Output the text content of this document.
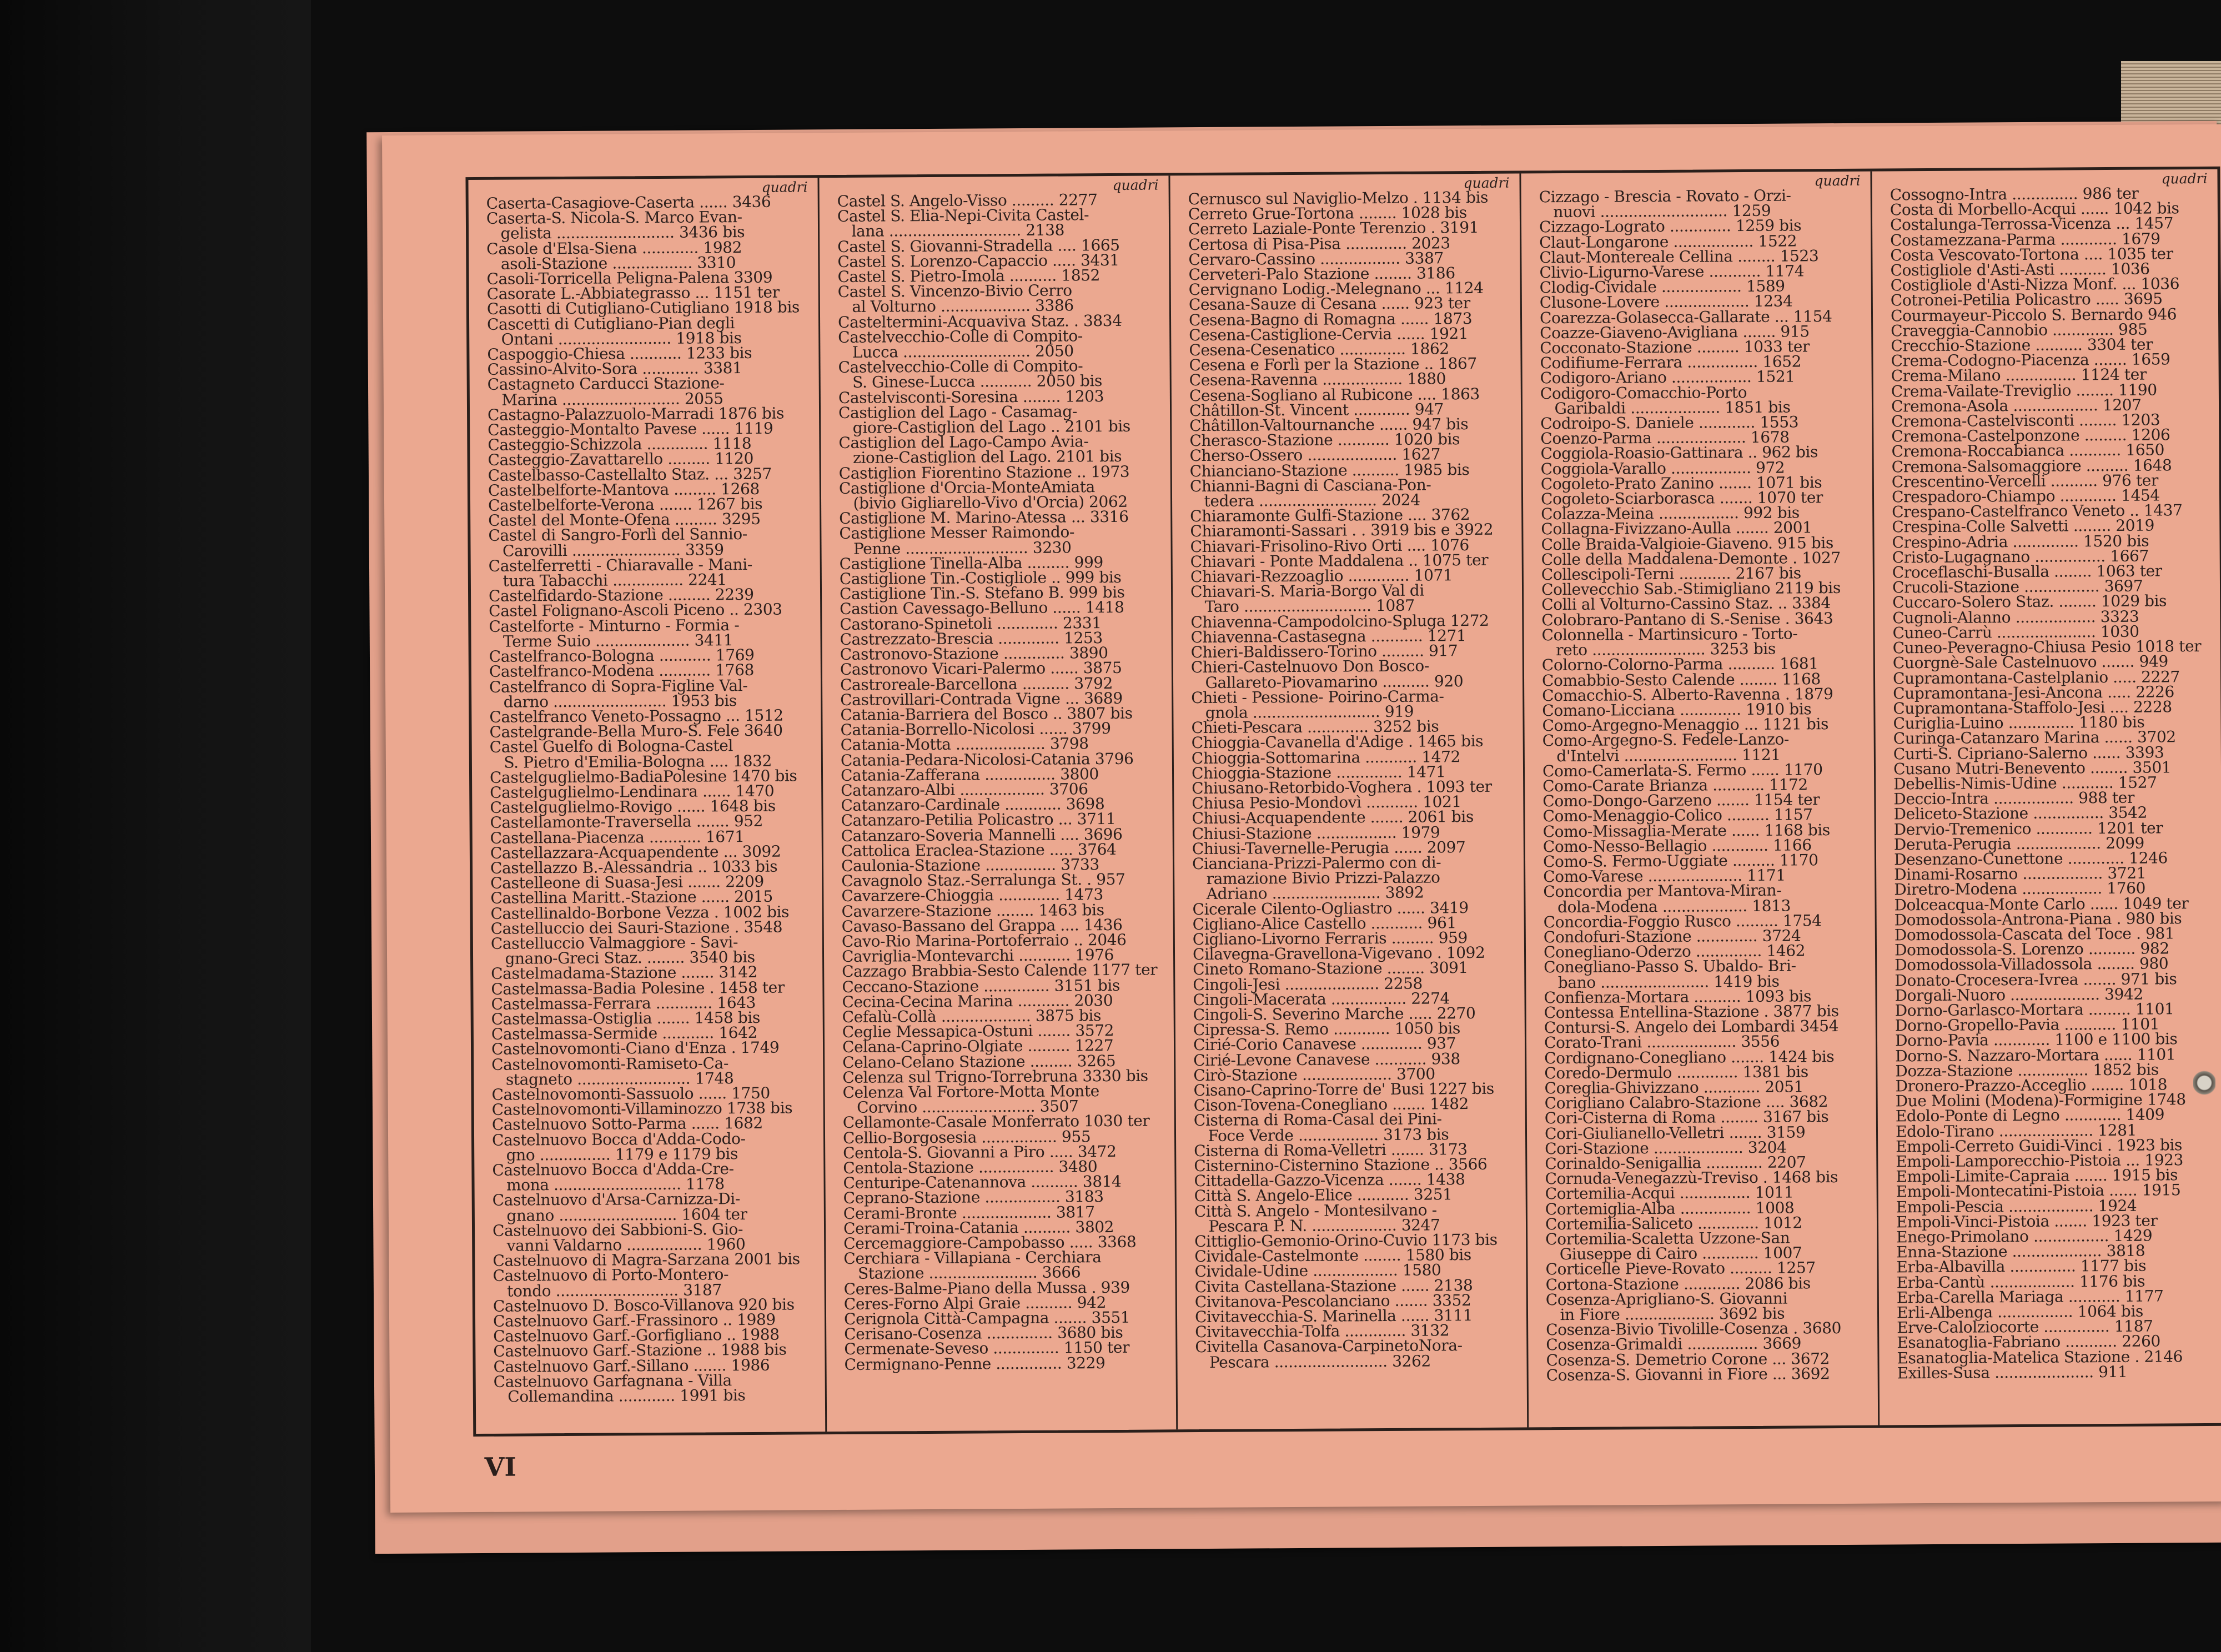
quadri
Caserta-Casagiove-Caserta ...... 3436
Caserta-S. Nicola-S. Marco Evan-
gelista ......................... 3436 bis
Casole d'Elsa-Siena ............ 1982
asoli-Stazione ................. 3310
Casoli-Torricella Peligna-Palena 3309
Casorate L.-Abbiategrasso ... 1151 ter
Casotti di Cutigliano-Cutigliano 1918 bis
Cascetti di Cutigliano-Pian degli
Ontani ........................ 1918 bis
Caspoggio-Chiesa ........... 1233 bis
Cassino-Alvito-Sora ............ 3381
Castagneto Carducci Stazione-
Marina ......................... 2055
Castagno-Palazzuolo-Marradi 1876 bis
Casteggio-Montalto Pavese ...... 1119
Casteggio-Schizzola ............. 1118
Casteggio-Zavattarello ......... 1120
Castelbasso-Castellalto Staz. ... 3257
Castelbelforte-Mantova ......... 1268
Castelbelforte-Verona ....... 1267 bis
Castel del Monte-Ofena ......... 3295
Castel di Sangro-Forlì del Sannio-
Carovilli ....................... 3359
Castelferretti - Chiaravalle - Mani-
tura Tabacchi ............... 2241
Castelfidardo-Stazione ......... 2239
Castel Folignano-Ascoli Piceno .. 2303
Castelforte - Minturno - Formia -
Terme Suio .................... 3411
Castelfranco-Bologna ........... 1769
Castelfranco-Modena ........... 1768
Castelfranco di Sopra-Figline Val-
darno ........................ 1953 bis
Castelfranco Veneto-Possagno ... 1512
Castelgrande-Bella Muro-S. Fele 3640
Castel Guelfo di Bologna-Castel
S. Pietro d'Emilia-Bologna .... 1832
Castelguglielmo-BadiaPolesine 1470 bis
Castelguglielmo-Lendinara ...... 1470
Castelguglielmo-Rovigo ...... 1648 bis
Castellamonte-Traversella ....... 952
Castellana-Piacenza ........... 1671
Castellazzara-Acquapendente ... 3092
Castellazzo B.-Alessandria .. 1033 bis
Castelleone di Suasa-Jesi ....... 2209
Castellina Maritt.-Stazione ...... 2015
Castellinaldo-Borbone Vezza . 1002 bis
Castelluccio dei Sauri-Stazione . 3548
Castelluccio Valmaggiore - Savi-
gnano-Greci Staz. ........ 3540 bis
Castelmadama-Stazione ....... 3142
Castelmassa-Badia Polesine . 1458 ter
Castelmassa-Ferrara ............ 1643
Castelmassa-Ostiglia ....... 1458 bis
Castelmassa-Sermide ........... 1642
Castelnovomonti-Ciano d'Enza . 1749
Castelnovomonti-Ramiseto-Ca-
stagneto ........................ 1748
Castelnovomonti-Sassuolo ...... 1750
Castelnovomonti-Villaminozzo 1738 bis
Castelnuovo Sotto-Parma ...... 1682
Castelnuovo Bocca d'Adda-Codo-
gno ............... 1179 e 1179 bis
Castelnuovo Bocca d'Adda-Cre-
mona ........................... 1178
Castelnuovo d'Arsa-Carnizza-Di-
gnano ......................... 1604 ter
Castelnuovo dei Sabbioni-S. Gio-
vanni Valdarno ................ 1960
Castelnuovo di Magra-Sarzana 2001 bis
Castelnuovo di Porto-Montero-
tondo .......................... 3187
Castelnuovo D. Bosco-Villanova 920 bis
Castelnuovo Garf.-Frassinoro .. 1989
Castelnuovo Garf.-Gorfigliano .. 1988
Castelnuovo Garf.-Stazione .. 1988 bis
Castelnuovo Garf.-Sillano ....... 1986
Castelnuovo Garfagnana - Villa
Collemandina ............ 1991 bis
quadri
Castel S. Angelo-Visso ......... 2277
Castel S. Elia-Nepi-Civita Castel-
lana ............................ 2138
Castel S. Giovanni-Stradella .... 1665
Castel S. Lorenzo-Capaccio ..... 3431
Castel S. Pietro-Imola .......... 1852
Castel S. Vincenzo-Bivio Cerro
al Volturno ................... 3386
Casteltermini-Acquaviva Staz. . 3834
Castelvecchio-Colle di Compito-
Lucca ........................... 2050
Castelvecchio-Colle di Compito-
S. Ginese-Lucca ........... 2050 bis
Castelvisconti-Soresina ........ 1203
Castiglion del Lago - Casamag-
giore-Castiglion del Lago .. 2101 bis
Castiglion del Lago-Campo Avia-
zione-Castiglion del Lago. 2101 bis
Castiglion Fiorentino Stazione .. 1973
Castiglione d'Orcia-MonteAmiata
(bivio Gigliarello-Vivo d'Orcia) 2062
Castiglione M. Marino-Atessa ... 3316
Castiglione Messer Raimondo-
Penne .......................... 3230
Castiglione Tinella-Alba ......... 999
Castiglione Tin.-Costigliole .. 999 bis
Castiglione Tin.-S. Stefano B. 999 bis
Castion Cavessago-Belluno ...... 1418
Castorano-Spinetoli ............. 2331
Castrezzato-Brescia ............. 1253
Castronovo-Stazione ............. 3890
Castronovo Vicari-Palermo ...... 3875
Castroreale-Barcellona .......... 3792
Castrovillari-Contrada Vigne ... 3689
Catania-Barriera del Bosco .. 3807 bis
Catania-Borrello-Nicolosi ...... 3799
Catania-Motta ................... 3798
Catania-Pedara-Nicolosi-Catania 3796
Catania-Zafferana ............... 3800
Catanzaro-Albi .................. 3706
Catanzaro-Cardinale ............ 3698
Catanzaro-Petilia Policastro ... 3711
Catanzaro-Soveria Mannelli .... 3696
Cattolica Eraclea-Stazione ..... 3764
Caulonia-Stazione ............... 3733
Cavagnolo Staz.-Serralunga St. . 957
Cavarzere-Chioggia ............. 1473
Cavarzere-Stazione ........ 1463 bis
Cavaso-Bassano del Grappa .... 1436
Cavo-Rio Marina-Portoferraio .. 2046
Cavriglia-Montevarchi ........... 1976
Cazzago Brabbia-Sesto Calende 1177 ter
Ceccano-Stazione .............. 3151 bis
Cecina-Cecina Marina ........... 2030
Cefalù-Collà ................... 3875 bis
Ceglie Messapica-Ostuni ....... 3572
Celana-Caprino-Olgiate ......... 1227
Celano-Celano Stazione ......... 3265
Celenza sul Trigno-Torrebruna 3330 bis
Celenza Val Fortore-Motta Monte
Corvino ........................ 3507
Cellamonte-Casale Monferrato 1030 ter
Cellio-Borgosesia ................ 955
Centola-S. Giovanni a Piro ..... 3472
Centola-Stazione ................ 3480
Centuripe-Catenannova .......... 3814
Ceprano-Stazione ................ 3183
Cerami-Bronte ................... 3817
Cerami-Troina-Catania .......... 3802
Cercemaggiore-Campobasso ..... 3368
Cerchiara - Villapiana - Cerchiara
Stazione ....................... 3666
Ceres-Balme-Piano della Mussa . 939
Ceres-Forno Alpi Graie .......... 942
Cerignola Città-Campagna ....... 3551
Cerisano-Cosenza .............. 3680 bis
Cermenate-Seveso .............. 1150 ter
Cermignano-Penne .............. 3229
quadri
Cernusco sul Naviglio-Melzo . 1134 bis
Cerreto Grue-Tortona ........ 1028 bis
Cerreto Laziale-Ponte Terenzio . 3191
Certosa di Pisa-Pisa ............. 2023
Cervaro-Cassino ................. 3387
Cerveteri-Palo Stazione ........ 3186
Cervignano Lodig.-Melegnano ... 1124
Cesana-Sauze di Cesana ...... 923 ter
Cesena-Bagno di Romagna ...... 1873
Cesena-Castiglione-Cervia ...... 1921
Cesena-Cesenatico .............. 1862
Cesena e Forlì per la Stazione .. 1867
Cesena-Ravenna ................. 1880
Cesena-Sogliano al Rubicone .... 1863
Châtillon-St. Vincent ............ 947
Châtillon-Valtournanche ...... 947 bis
Cherasco-Stazione ........... 1020 bis
Cherso-Ossero ................... 1627
Chianciano-Stazione .......... 1985 bis
Chianni-Bagni di Casciana-Pon-
tedera ......................... 2024
Chiaramonte Gulfi-Stazione .... 3762
Chiaramonti-Sassari . . 3919 bis e 3922
Chiavari-Frisolino-Rivo Orti .... 1076
Chiavari - Ponte Maddalena .. 1075 ter
Chiavari-Rezzoaglio ............. 1071
Chiavari-S. Maria-Borgo Val di
Taro ........................... 1087
Chiavenna-Campodolcino-Spluga 1272
Chiavenna-Castasegna ........... 1271
Chieri-Baldissero-Torino ......... 917
Chieri-Castelnuovo Don Bosco-
Gallareto-Piovamarino .......... 920
Chieti - Pessione- Poirino-Carma-
gnola ........................... 919
Chieti-Pescara ............. 3252 bis
Chioggia-Cavanella d'Adige . 1465 bis
Chioggia-Sottomarina ........... 1472
Chioggia-Stazione .............. 1471
Chiusano-Retorbido-Voghera . 1093 ter
Chiusa Pesio-Mondovì ........... 1021
Chiusi-Acquapendente ....... 2061 bis
Chiusi-Stazione ................. 1979
Chiusi-Tavernelle-Perugia ...... 2097
Cianciana-Prizzi-Palermo con di-
ramazione Bivio Prizzi-Palazzo
Adriano ....................... 3892
Cicerale Cilento-Ogliastro ...... 3419
Cigliano-Alice Castello ........... 961
Cigliano-Livorno Ferraris ......... 959
Cilavegna-Gravellona-Vigevano . 1092
Cineto Romano-Stazione ........ 3091
Cingoli-Jesi .................... 2258
Cingoli-Macerata ................ 2274
Cingoli-S. Severino Marche ..... 2270
Cipressa-S. Remo ............ 1050 bis
Cirié-Corio Canavese ............. 937
Cirié-Levone Canavese ........... 938
Cirò-Stazione ................... 3700
Cisano-Caprino-Torre de' Busi 1227 bis
Cison-Tovena-Conegliano ....... 1482
Cisterna di Roma-Casal dei Pini-
Foce Verde ................. 3173 bis
Cisterna di Roma-Velletri ....... 3173
Cisternino-Cisternino Stazione .. 3566
Cittadella-Gazzo-Vicenza ....... 1438
Città S. Angelo-Elice ........... 3251
Città S. Angelo - Montesilvano -
Pescara P. N. .................. 3247
Cittiglio-Gemonio-Orino-Cuvio 1173 bis
Cividale-Castelmonte ........ 1580 bis
Cividale-Udine .................. 1580
Civita Castellana-Stazione ...... 2138
Civitanova-Pescolanciano ....... 3352
Civitavecchia-S. Marinella ...... 3111
Civitavecchia-Tolfa ............. 3132
Civitella Casanova-CarpinetoNora-
Pescara ........................ 3262
quadri
Cizzago - Brescia - Rovato - Orzi-
nuovi ........................... 1259
Cizzago-Lograto ............. 1259 bis
Claut-Longarone ................. 1522
Claut-Montereale Cellina ........ 1523
Clivio-Ligurno-Varese ........... 1174
Clodig-Cividale ................. 1589
Clusone-Lovere .................. 1234
Coarezza-Golasecca-Gallarate ... 1154
Coazze-Giaveno-Avigliana ....... 915
Cocconato-Stazione ......... 1033 ter
Codifiume-Ferrara ............... 1652
Codigoro-Ariano ................. 1521
Codigoro-Comacchio-Porto
Garibaldi ................... 1851 bis
Codroipo-S. Daniele ............ 1553
Coenzo-Parma ................... 1678
Coggiola-Roasio-Gattinara .. 962 bis
Coggiola-Varallo ................. 972
Cogoleto-Prato Zanino ....... 1071 bis
Cogoleto-Sciarborasca ....... 1070 ter
Colazza-Meina ................. 992 bis
Collagna-Fivizzano-Aulla ....... 2001
Colle Braida-Valgioie-Giaveno. 915 bis
Colle della Maddalena-Demonte . 1027
Collescipoli-Terni ........... 2167 bis
Collevecchio Sab.-Stimigliano 2119 bis
Colli al Volturno-Cassino Staz. .. 3384
Colobraro-Pantano di S.-Senise . 3643
Colonnella - Martinsicuro - Torto-
reto ........................ 3253 bis
Colorno-Colorno-Parma .......... 1681
Comabbio-Sesto Calende ........ 1168
Comacchio-S. Alberto-Ravenna . 1879
Comano-Licciana ............. 1910 bis
Como-Argegno-Menaggio ... 1121 bis
Como-Argegno-S. Fedele-Lanzo-
d'Intelvi ........................ 1121
Como-Camerlata-S. Fermo ...... 1170
Como-Carate Brianza ........... 1172
Como-Dongo-Garzeno ....... 1154 ter
Como-Menaggio-Colico ......... 1157
Como-Missaglia-Merate ...... 1168 bis
Como-Nesso-Bellagio ............ 1166
Como-S. Fermo-Uggiate ......... 1170
Como-Varese .................... 1171
Concordia per Mantova-Miran-
dola-Modena .................. 1813
Concordia-Foggio Rusco ......... 1754
Condofuri-Stazione ............. 3724
Conegliano-Oderzo .............. 1462
Conegliano-Passo S. Ubaldo- Bri-
bano ....................... 1419 bis
Confienza-Mortara .......... 1093 bis
Contessa Entellina-Stazione . 3877 bis
Contursi-S. Angelo dei Lombardi 3454
Corato-Trani ................... 3556
Cordignano-Conegliano ....... 1424 bis
Coredo-Dermulo ............. 1381 bis
Coreglia-Ghivizzano ............ 2051
Corigliano Calabro-Stazione .... 3682
Cori-Cisterna di Roma ........ 3167 bis
Cori-Giulianello-Velletri ....... 3159
Cori-Stazione ................... 3204
Corinaldo-Senigallia ............ 2207
Cornuda-Venegazzù-Treviso . 1468 bis
Cortemilia-Acqui ............... 1011
Cortemiglia-Alba ............... 1008
Cortemilia-Saliceto ............. 1012
Cortemilia-Scaletta Uzzone-San
Giuseppe di Cairo ............ 1007
Corticelle Pieve-Rovato ......... 1257
Cortona-Stazione ............ 2086 bis
Cosenza-Aprigliano-S. Giovanni
in Fiore ................... 3692 bis
Cosenza-Bivio Tivolille-Cosenza . 3680
Cosenza-Grimaldi ............... 3669
Cosenza-S. Demetrio Corone ... 3672
Cosenza-S. Giovanni in Fiore ... 3692
quadri
Cossogno-Intra .............. 986 ter
Costa di Morbello-Acqui ...... 1042 bis
Costalunga-Terrossa-Vicenza ... 1457
Costamezzana-Parma ............ 1679
Costa Vescovato-Tortona .... 1035 ter
Costigliole d'Asti-Asti .......... 1036
Costigliole d'Asti-Nizza Monf. ... 1036
Cotronei-Petilia Policastro ..... 3695
Courmayeur-Piccolo S. Bernardo 946
Craveggia-Cannobio ............. 985
Crecchio-Stazione .......... 3304 ter
Crema-Codogno-Piacenza ....... 1659
Crema-Milano ............... 1124 ter
Crema-Vailate-Treviglio ........ 1190
Cremona-Asola .................. 1207
Cremona-Castelvisconti ........ 1203
Cremona-Castelponzone ......... 1206
Cremona-Roccabianca ........... 1650
Cremona-Salsomaggiore ......... 1648
Crescentino-Vercelli .......... 976 ter
Crespadoro-Chiampo ............ 1454
Crespano-Castelfranco Veneto .. 1437
Crespina-Colle Salvetti ........ 2019
Crespino-Adria .............. 1520 bis
Cristo-Lugagnano ............... 1667
Croceflaschi-Busalla ........ 1063 ter
Crucoli-Stazione ................ 3697
Cuccaro-Solero Staz. ........ 1029 bis
Cugnoli-Alanno ................. 3323
Cuneo-Carrù ..................... 1030
Cuneo-Peveragno-Chiusa Pesio 1018 ter
Cuorgnè-Sale Castelnuovo ....... 949
Cupramontana-Castelplanio ..... 2227
Cupramontana-Jesi-Ancona ..... 2226
Cupramontana-Staffolo-Jesi .... 2228
Curiglia-Luino .............. 1180 bis
Curinga-Catanzaro Marina ...... 3702
Curti-S. Cipriano-Salerno ...... 3393
Cusano Mutri-Benevento ........ 3501
Debellis-Nimis-Udine ........... 1527
Deccio-Intra ................. 988 ter
Deliceto-Stazione ............... 3542
Dervio-Tremenico ............ 1201 ter
Deruta-Perugia .................. 2099
Desenzano-Cunettone ............ 1246
Dinami-Rosarno ................. 3721
Diretro-Modena ................. 1760
Dolceacqua-Monte Carlo ...... 1049 ter
Domodossola-Antrona-Piana . 980 bis
Domodossola-Cascata del Toce . 981
Domodossola-S. Lorenzo .......... 982
Domodossola-Villadossola ........ 980
Donato-Crocesera-Ivrea ....... 971 bis
Dorgali-Nuoro ................... 3942
Dorno-Garlasco-Mortara ......... 1101
Dorno-Gropello-Pavia ........... 1101
Dorno-Pavia ............ 1100 e 1100 bis
Dorno-S. Nazzaro-Mortara ...... 1101
Dozza-Stazione ............... 1852 bis
Dronero-Prazzo-Acceglio ....... 1018
Due Molini (Modena)-Formigine 1748
Edolo-Ponte di Legno ............ 1409
Edolo-Tirano .................... 1281
Empoli-Cerreto Guidi-Vinci . 1923 bis
Empoli-Lamporecchio-Pistoia ... 1923
Empoli-Limite-Capraia ....... 1915 bis
Empoli-Montecatini-Pistoia ...... 1915
Empoli-Pescia .................. 1924
Empoli-Vinci-Pistoia ....... 1923 ter
Enego-Primolano ................ 1429
Enna-Stazione ................... 3818
Erba-Albavilla .............. 1177 bis
Erba-Cantù .................. 1176 bis
Erba-Carella Mariaga ........... 1177
Erli-Albenga ................ 1064 bis
Erve-Calolziocorte .............. 1187
Esanatoglia-Fabriano ........... 2260
Esanatoglia-Matelica Stazione . 2146
Exilles-Susa ..................... 911
VI
